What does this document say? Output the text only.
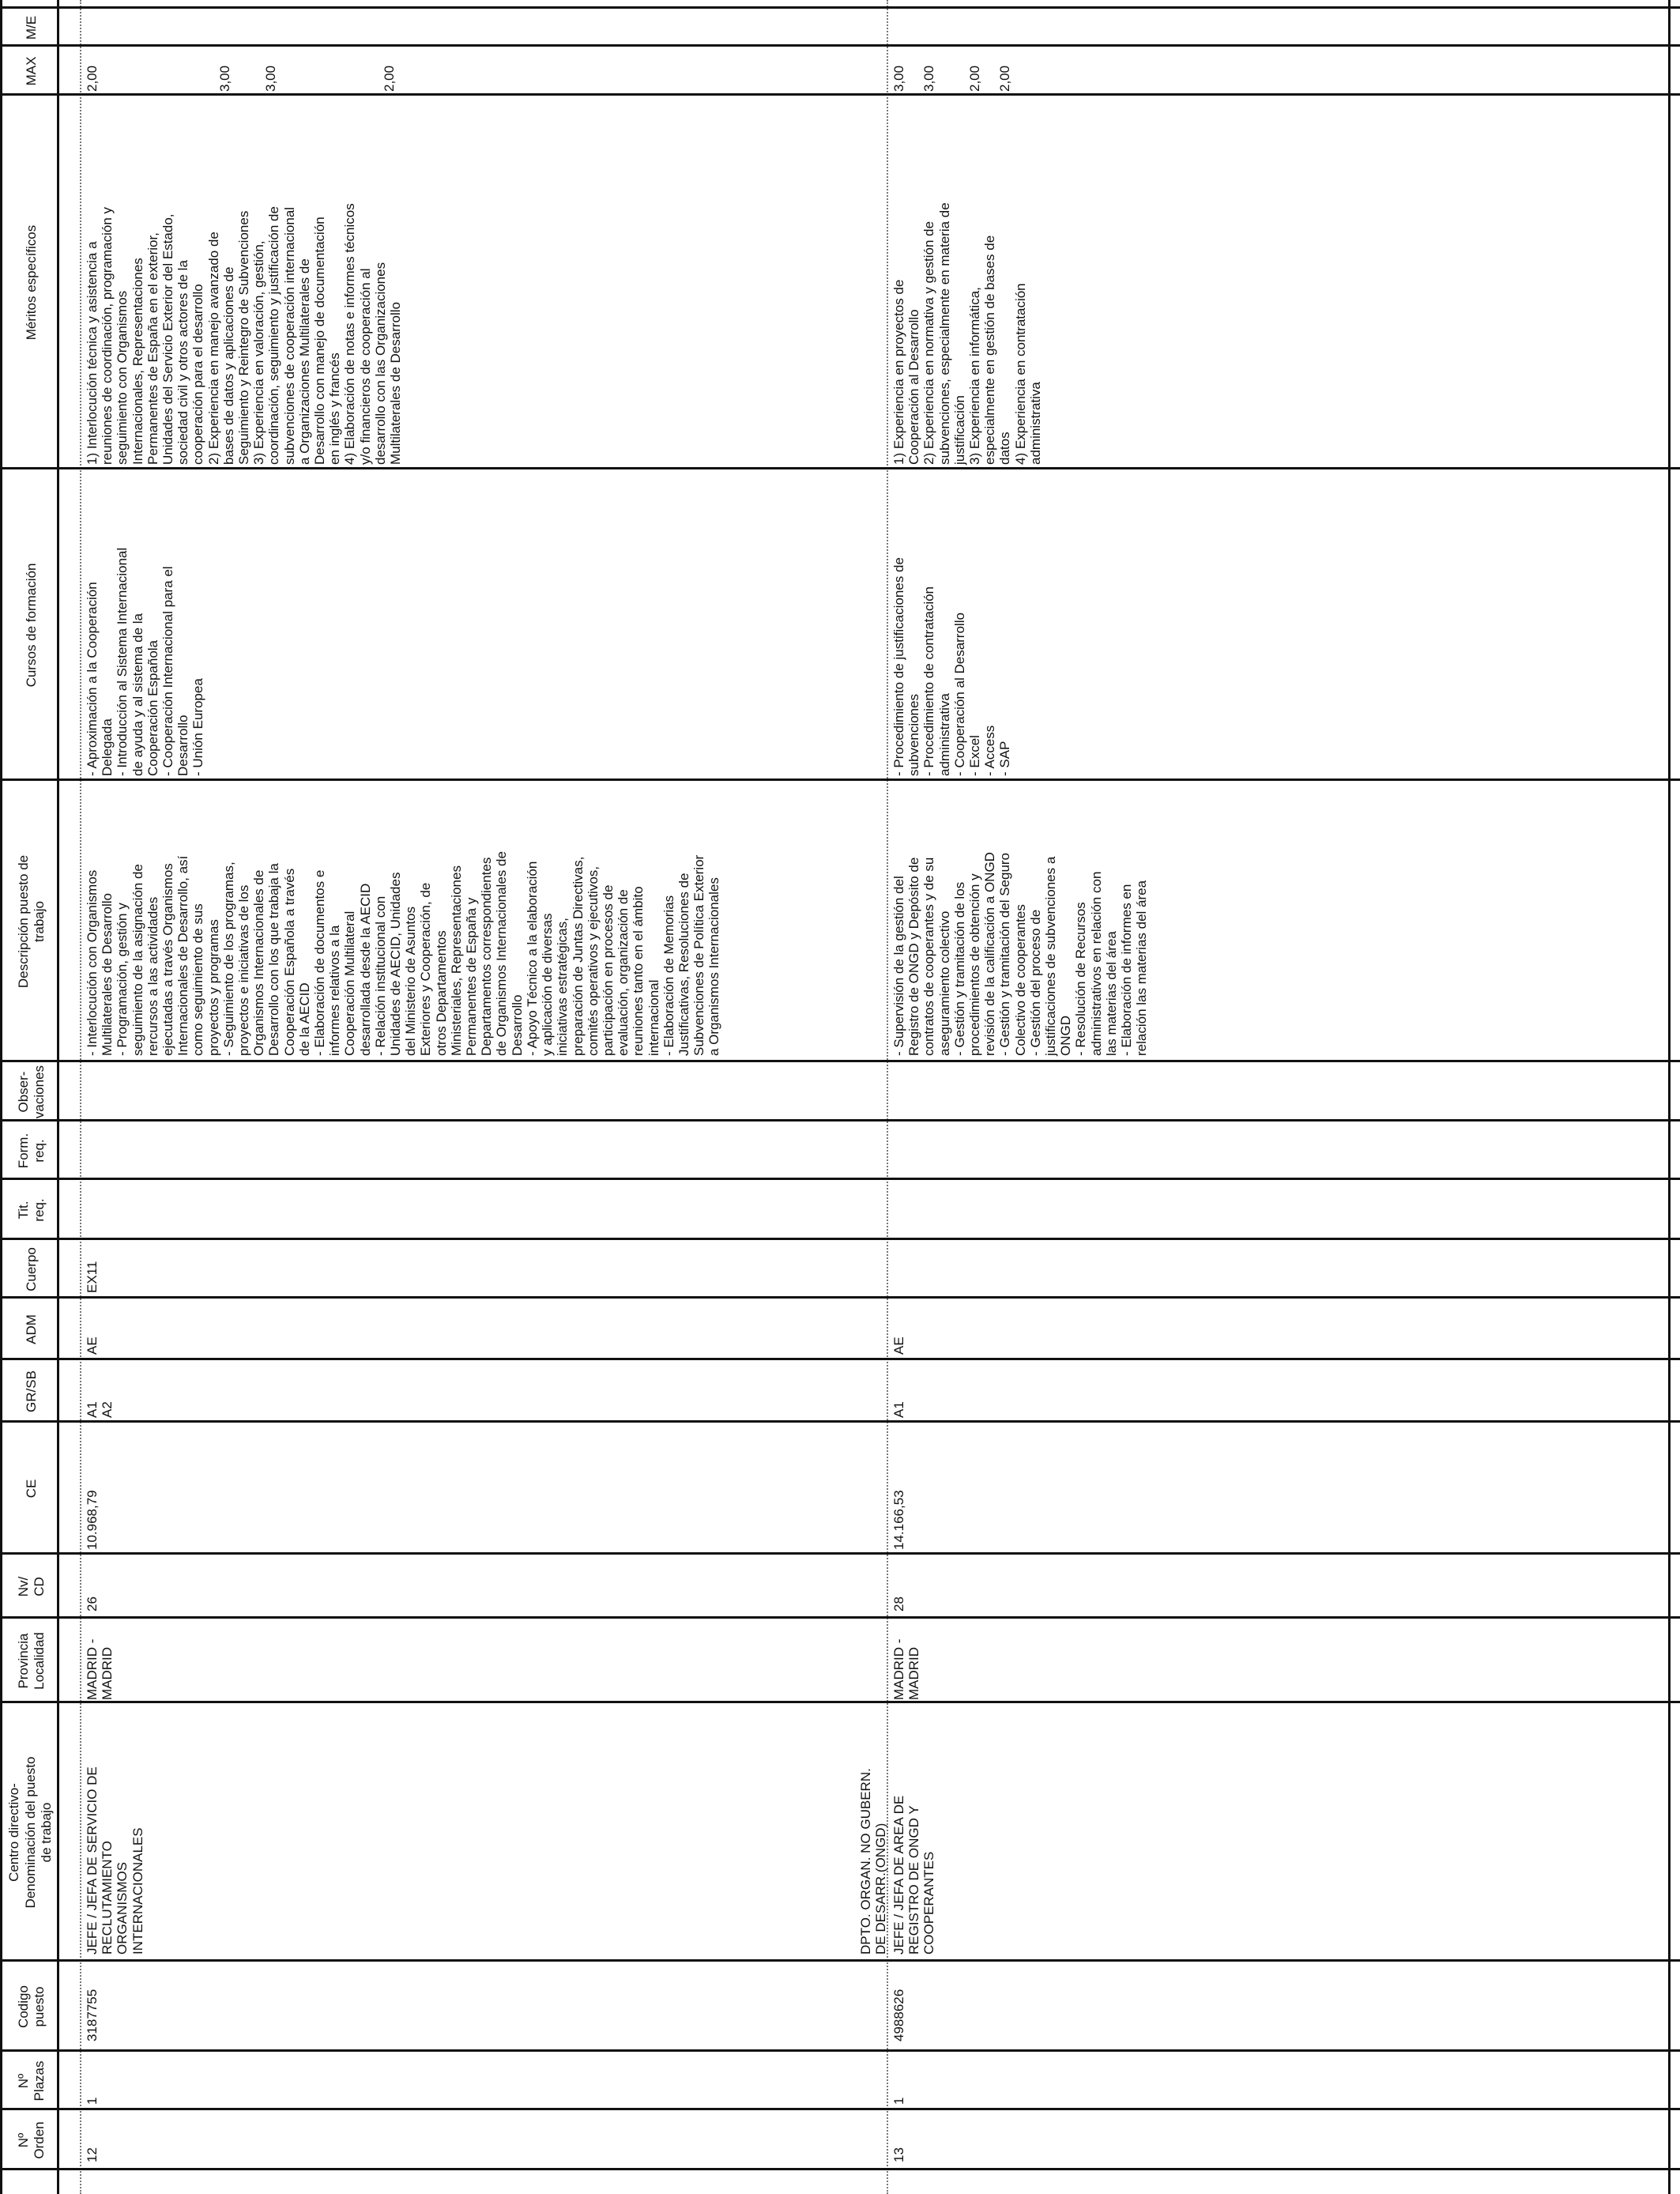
Nº
Orden
Nº
Plazas
Codigo
puesto
Centro directivo-
Denominación del puesto
de trabajo
Provincia
Localidad
Nv/
CD
CE
GR/SB
ADM
Cuerpo
Tit.
req.
Form.
req.
Obser-
vaciones
Descripción puesto de
trabajo
Cursos de formación
Méritos específicos
MAX
M/E
12
1
3187755
JEFE / JEFA DE SERVICIO DE
RECLUTAMIENTO
ORGANISMOS
INTERNACIONALES
MADRID -
MADRID
26
10.968,79
A1
A2
AE
EX11
- Interlocución con Organismos
Multilaterales de Desarrollo
- Programación, gestión y
seguimiento de la asignación de
rercursos a las actividades
ejecutadas a través Organismos
Internacionales de Desarrollo, así
como seguimiento de sus
proyectos y programas
- Seguimiento de los programas,
proyectos e iniciativas de los
Organismos Internacionales de
Desarrollo con los que trabaja la
Cooperación Española a través
de la AECID
- Elaboración de documentos e
informes relativos a la
Cooperación Multilateral
desarrollada desde la AECID
- Relación institucional con
Unidades de AECID, Unidades
del Ministerio de Asuntos
Exteriores y Cooperación, de
otros Departamentos
Ministeriales, Representaciones
Permanentes de España y
Departamentos correspondientes
de Organismos Internacionales de
Desarrollo
- Apoyo Técnico a la elaboración
y aplicación de diversas
iniciativas estratégicas,
preparación de Juntas Directivas,
comités operativos y ejecutivos,
participación en procesos de
evaluación, organización de
reuniones tanto en el ámbito
internacional
- Elaboración de Memorias
Justificativas, Resoluciones de
Subvenciones de Política Exterior
a Organismos Internacionales
- Aproximación a la Cooperación
Delegada
- Introducción al Sistema Internacional
de ayuda y al sistema de la
Cooperación Española
- Cooperación Internacional para el
Desarrollo
- Unión Europea
1) Interlocución técnica y asistencia a
reuniones de coordinación, programación y
seguimiento con Organismos
Internacionales, Representaciones
Permanentes de España en el exterior,
Unidades del Servicio Exterior del Estado,
sociedad civil y otros actores de la
cooperación para el desarrollo
2) Experiencia en manejo avanzado de
bases de datos y aplicaciones de
Seguimiento y Reintegro de Subvenciones
3) Experiencia en valoración, gestión,
coordinación, seguimiento y justificación de
subvenciones de cooperación internacional
a Organizaciones Multilaterales de
Desarrollo con manejo de documentación
en inglés y francés
4) Elaboración de notas e informes técnicos
y/o financieros de cooperación al
desarrollo con las Organizaciones
Multilaterales de Desarrollo
2,00	3,00 3,00	2,00
13
1
4988626
DPTO. ORGAN. NO GUBERN.
DE DESARR.(ONGD)
JEFE / JEFA DE AREA DE
REGISTRO DE ONGD Y
COOPERANTES
MADRID -
MADRID
28
14.166,53
A1
AE
- Supervisión de la gestión del
Registro de ONGD y Depósito de
contratos de cooperantes y de su
aseguramiento colectivo
- Gestión y tramitación de los
procedimientos de obtención y
revisión de la calificación a ONGD
- Gestión y tramitación del Seguro
Colectivo de cooperantes
- Gestión del proceso de
justificaciones de subvenciones a
ONGD
- Resolución de Recursos
administrativos en relación con
las materias del área
- Elaboración de informes en
relación las materias del área
- Procedimiento de justificaciones de
subvenciones
- Procedimiento de contratación
administrativa
- Cooperación al Desarrollo
- Excel
- Access
- SAP
1) Experiencia en proyectos de
Cooperación al Desarrollo
2) Experiencia en normativa y gestión de
subvenciones, especialmente en materia de
justificación
3) Experiencia en informática,
especialmente en gestión de bases de
datos
4) Experiencia en contratación
administrativa
3,00 3,00 2,00 2,00
